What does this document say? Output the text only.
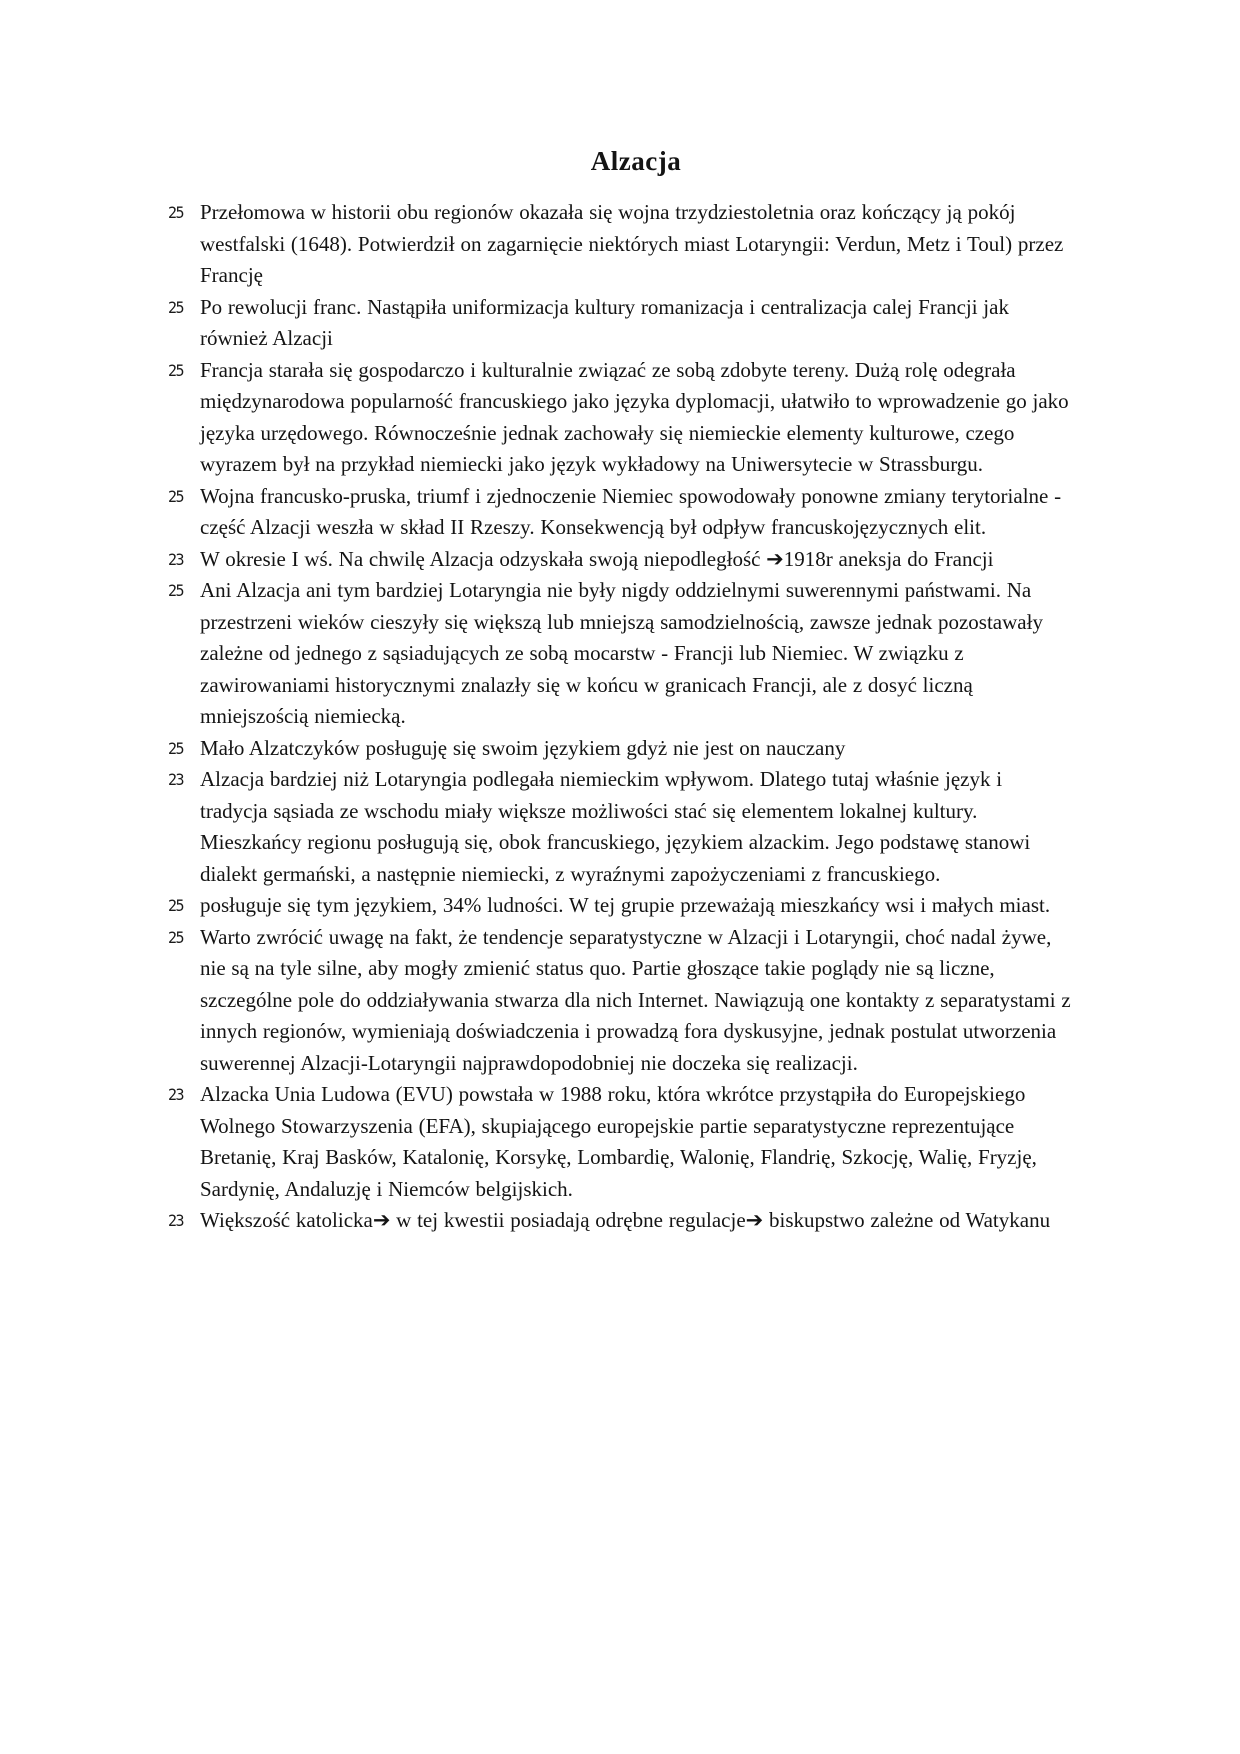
Alzacja
25 Przełomowa w historii obu regionów okazała się wojna trzydziestoletnia oraz kończący ją pokój westfalski (1648). Potwierdził on zagarnięcie niektórych miast Lotaryngii: Verdun, Metz i Toul) przez Francję
25 Po rewolucji franc. Nastąpiła uniformizacja kultury romanizacja i centralizacja calej Francji jak również Alzacji
25 Francja starała się gospodarczo i kulturalnie związać ze sobą zdobyte tereny. Dużą rolę odegrała międzynarodowa popularność francuskiego jako języka dyplomacji, ułatwiło to wprowadzenie go jako języka urzędowego. Równocześnie jednak zachowały się niemieckie elementy kulturowe, czego wyrazem był na przykład niemiecki jako język wykładowy na Uniwersytecie w Strassburgu.
25 Wojna francusko-pruska, triumf i zjednoczenie Niemiec spowodowały ponowne zmiany terytorialne - część Alzacji weszła w skład II Rzeszy. Konsekwencją był odpływ francuskojęzycznych elit.
23 W okresie I wś. Na chwilę Alzacja odzyskała swoją niepodległość ➔1918r aneksja do Francji
25 Ani Alzacja ani tym bardziej Lotaryngia nie były nigdy oddzielnymi suwerennymi państwami. Na przestrzeni wieków cieszyły się większą lub mniejszą samodzielnością, zawsze jednak pozostawały zależne od jednego z sąsiadujących ze sobą mocarstw - Francji lub Niemiec. W związku z zawirowaniami historycznymi znalazły się w końcu w granicach Francji, ale z dosyć liczną mniejszością niemiecką.
25 Mało Alzatczyków posługuję się swoim językiem gdyż nie jest on nauczany
23 Alzacja bardziej niż Lotaryngia podlegała niemieckim wpływom. Dlatego tutaj właśnie język i tradycja sąsiada ze wschodu miały większe możliwości stać się elementem lokalnej kultury. Mieszkańcy regionu posługują się, obok francuskiego, językiem alzackim. Jego podstawę stanowi dialekt germański, a następnie niemiecki, z wyraźnymi zapożyczeniami z francuskiego.
25 posługuje się tym językiem, 34% ludności. W tej grupie przeważają mieszkańcy wsi i małych miast.
25 Warto zwrócić uwagę na fakt, że tendencje separatystyczne w Alzacji i Lotaryngii, choć nadal żywe, nie są na tyle silne, aby mogły zmienić status quo. Partie głoszące takie poglądy nie są liczne, szczególne pole do oddziaływania stwarza dla nich Internet. Nawiązują one kontakty z separatystami z innych regionów, wymieniają doświadczenia i prowadzą fora dyskusyjne, jednak postulat utworzenia suwerennej Alzacji-Lotaryngii najprawdopodobniej nie doczeka się realizacji.
23 Alzacka Unia Ludowa (EVU) powstała w 1988 roku, która wkrótce przystąpiła do Europejskiego Wolnego Stowarzyszenia (EFA), skupiającego europejskie partie separatystyczne reprezentujące Bretanię, Kraj Basków, Katalonię, Korsykę, Lombardię, Walonię, Flandrię, Szkocję, Walię, Fryzję, Sardynię, Andaluzję i Niemców belgijskich.
23 Większość katolicka➔ w tej kwestii posiadają odrębne regulacje➔ biskupstwo zależne od Watykanu
